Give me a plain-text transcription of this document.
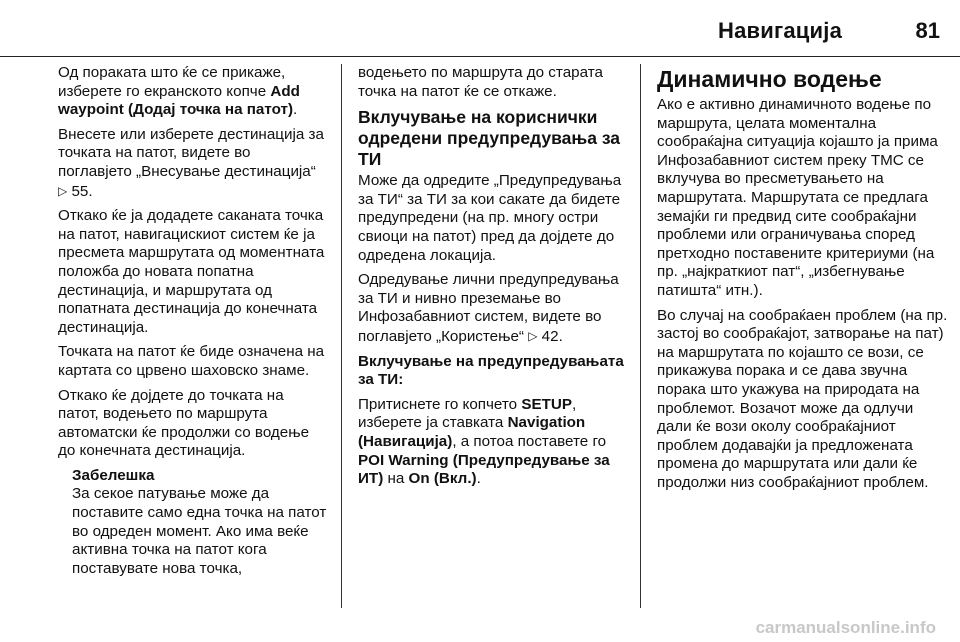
Навигација	81

Од пораката што ќе се прикаже, изберете го екранското копче Add waypoint (Додај точка на патот).

Внесете или изберете дестинација за точката на патот, видете во поглавјето „Внесување дестинација“ ▷ 55.

Откако ќе ја додадете саканата точка на патот, навигацискиот систем ќе ја пресмета маршрутата од моментната положба до новата попатна дестинација, и маршрутата од попатната дестинација до конечната дестинација.

Точката на патот ќе биде означена на картата со црвено шаховско знаме.

Откако ќе дојдете до точката на патот, водењето по маршрута автоматски ќе продолжи со водење до конечната дестинација.

Забелешка

За секое патување може да поставите само една точка на патот во одреден момент. Ако има веќе активна точка на патот кога поставувате нова точка,

водењето по маршрута до старата точка на патот ќе се откаже.

Вклучување на кориснички одредени предупредувања за ТИ

Може да одредите „Предупредувања за ТИ“ за ТИ за кои сакате да бидете предупредени (на пр. многу остри свиоци на патот) пред да дојдете до одредена локација.

Одредување лични предупредувања за ТИ и нивно преземање во Инфозабавниот систем, видете во поглавјето „Користење“ ▷ 42.

Вклучување на предупредувањата за ТИ:

Притиснете го копчето SETUP, изберете ја ставката Navigation (Навигација), а потоа поставете го POI Warning (Предупредување за ИТ) на On (Вкл.).

Динамично водење

Ако е активно динамичното водење по маршрута, целата моментална сообраќајна ситуација којашто ја прима Инфозабавниот систем преку TMC се вклучува во пресметувањето на маршрутата. Маршрутата се предлага земајќи ги предвид сите сообраќајни проблеми или ограничувања според претходно поставените критериуми (на пр. „најкраткиот пат“, „избегнување патишта“ итн.).

Во случај на сообраќаен проблем (на пр. застој во сообраќајот, затворање на пат) на маршрутата по којашто се вози, се прикажува порака и се дава звучна порака што укажува на природата на проблемот. Возачот може да одлучи дали ќе вози околу сообраќајниот проблем додавајќи ја предложената промена до маршрутата или дали ќе продолжи низ сообраќајниот проблем.

carmanualsonline.info
